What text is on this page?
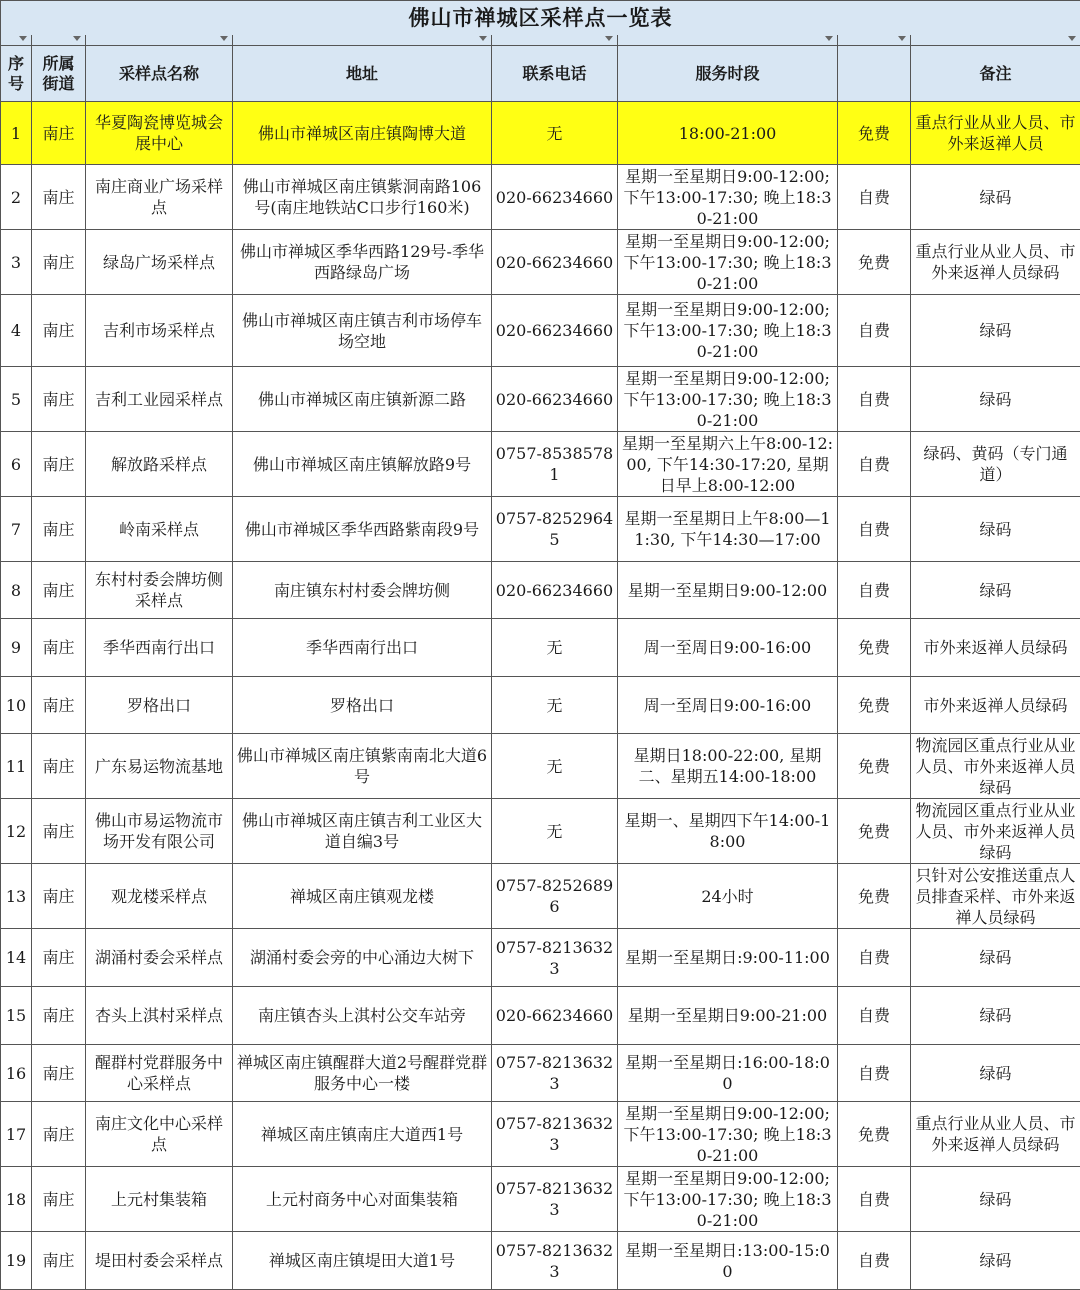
佛山市禅城区采样点一览表							

序号	所属街道	采样点名称	地址	联系电话	服务时段		备注
1	南庄	华夏陶瓷博览城会展中心	佛山市禅城区南庄镇陶博大道	无	18:00-21:00	免费	重点行业从业人员、市外来返禅人员
2	南庄	南庄商业广场采样点	佛山市禅城区南庄镇紫洞南路106号(南庄地铁站C口步行160米)	020-66234660	星期一至星期日9:00-12:00; 下午13:00-17:30; 晚上18:30-21:00	自费	绿码
3	南庄	绿岛广场采样点	佛山市禅城区季华西路129号-季华西路绿岛广场	020-66234660	星期一至星期日9:00-12:00; 下午13:00-17:30; 晚上18:30-21:00	免费	重点行业从业人员、市外来返禅人员绿码
4	南庄	吉利市场采样点	佛山市禅城区南庄镇吉利市场停车场空地	020-66234660	星期一至星期日9:00-12:00; 下午13:00-17:30; 晚上18:30-21:00	自费	绿码
5	南庄	吉利工业园采样点	佛山市禅城区南庄镇新源二路	020-66234660	星期一至星期日9:00-12:00; 下午13:00-17:30; 晚上18:30-21:00	自费	绿码
6	南庄	解放路采样点	佛山市禅城区南庄镇解放路9号	0757-85385781	星期一至星期六上午8:00-12:00, 下午14:30-17:20, 星期日早上8:00-12:00	自费	绿码、黄码（专门通道）
7	南庄	岭南采样点	佛山市禅城区季华西路紫南段9号	0757-82529645	星期一至星期日上午8:00—11:30, 下午14:30—17:00	自费	绿码
8	南庄	东村村委会牌坊侧采样点	南庄镇东村村委会牌坊侧	020-66234660	星期一至星期日9:00-12:00	自费	绿码
9	南庄	季华西南行出口	季华西南行出口	无	周一至周日9:00-16:00	免费	市外来返禅人员绿码
10	南庄	罗格出口	罗格出口	无	周一至周日9:00-16:00	免费	市外来返禅人员绿码
11	南庄	广东易运物流基地	佛山市禅城区南庄镇紫南南北大道6号	无	星期日18:00-22:00, 星期二、星期五14:00-18:00	免费	物流园区重点行业从业人员、市外来返禅人员绿码
12	南庄	佛山市易运物流市场开发有限公司	佛山市禅城区南庄镇吉利工业区大道自编3号	无	星期一、星期四下午14:00-18:00	免费	物流园区重点行业从业人员、市外来返禅人员绿码
13	南庄	观龙楼采样点	禅城区南庄镇观龙楼	0757-82526896	24小时	免费	只针对公安推送重点人员排查采样、市外来返禅人员绿码
14	南庄	湖涌村委会采样点	湖涌村委会旁的中心涌边大树下	0757-82136323	星期一至星期日:9:00-11:00	自费	绿码
15	南庄	杏头上淇村采样点	南庄镇杏头上淇村公交车站旁	020-66234660	星期一至星期日9:00-21:00	自费	绿码
16	南庄	醒群村党群服务中心采样点	禅城区南庄镇醒群大道2号醒群党群服务中心一楼	0757-82136323	星期一至星期日:16:00-18:00	自费	绿码
17	南庄	南庄文化中心采样点	禅城区南庄镇南庄大道西1号	0757-82136323	星期一至星期日9:00-12:00; 下午13:00-17:30; 晚上18:30-21:00	免费	重点行业从业人员、市外来返禅人员绿码
18	南庄	上元村集装箱	上元村商务中心对面集装箱	0757-82136323	星期一至星期日9:00-12:00; 下午13:00-17:30; 晚上18:30-21:00	自费	绿码
19	南庄	堤田村委会采样点	禅城区南庄镇堤田大道1号	0757-82136323	星期一至星期日:13:00-15:00	自费	绿码
